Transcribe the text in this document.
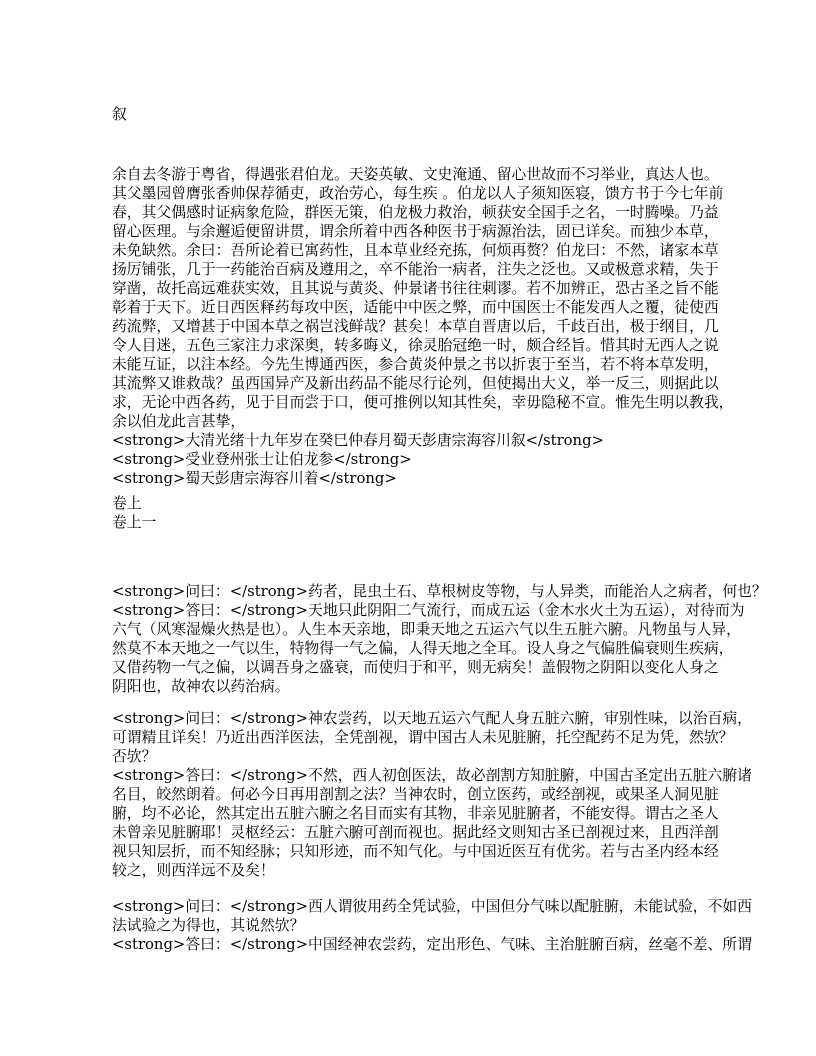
叙
余自去冬游于粤省，得遇张君伯龙。天姿英敏、文史淹通、留心世故而不习举业，真达人也。
其父墨园曾膺张香帅保荐循吏，政治劳心，每生疾 。伯龙以人子须知医寝，馈方书于今七年前
春，其父偶感时证病象危险，群医无策，伯龙极力救治，顿获安全国手之名，一时腾噪。乃益
留心医理。与余邂逅便留讲贯，谓余所着中西各种医书于病源治法，固已详矣。而独少本草，
未免缺然。余曰：吾所论着已寓药性，且本草业经充拣，何烦再赘？伯龙曰：不然，诸家本草
扬厉铺张，几于一药能治百病及遵用之，卒不能治一病者，注失之泛也。又或极意求精，失于
穿凿，故托高远难获实效，且其说与黄炎、仲景诸书往往刺谬。若不加辨正，恐古圣之旨不能
彰着于天下。近日西医释药每攻中医，适能中中医之弊，而中国医士不能发西人之覆，徒使西
药流弊，又增甚于中国本草之祸岂浅鲜哉？甚矣！本草自晋唐以后，千歧百出，极于纲目，几
令人目迷，五色三家注力求深奥，转多晦义，徐灵胎冠绝一时，颇合经旨。惜其时无西人之说
未能互证，以注本经。今先生博通西医，参合黄炎仲景之书以折衷于至当，若不将本草发明，
其流弊又谁救哉？虽西国异产及新出药品不能尽行论列，但使揭出大义，举一反三，则据此以
求，无论中西各药，见于目而尝于口，便可推例以知其性矣，幸毋隐秘不宣。惟先生明以教我，
余以伯龙此言甚挚，
<strong>大清光绪十九年岁在癸巳仲春月蜀天彭唐宗海容川叙</strong>
<strong>受业登州张士让伯龙参</strong>
<strong>蜀天彭唐宗海容川着</strong>
卷上
卷上一
<strong>问曰：</strong>药者，昆虫土石、草根树皮等物，与人异类，而能治人之病者，何也？
<strong>答曰：</strong>天地只此阴阳二气流行，而成五运（金木水火土为五运），对待而为
六气（风寒湿燥火热是也）。人生本天亲地，即秉天地之五运六气以生五脏六腑。凡物虽与人异，
然莫不本天地之一气以生，特物得一气之偏，人得天地之全耳。设人身之气偏胜偏衰则生疾病，
又借药物一气之偏，以调吾身之盛衰，而使归于和平，则无病矣！盖假物之阴阳以变化人身之
阴阳也，故神农以药治病。
<strong>问曰：</strong>神农尝药，以天地五运六气配人身五脏六腑，审别性味，以治百病，
可谓精且详矣！乃近出西洋医法，全凭剖视，谓中国古人未见脏腑，托空配药不足为凭，然欤？
否欤？
<strong>答曰：</strong>不然，西人初创医法，故必剖割方知脏腑，中国古圣定出五脏六腑诸
名目，皎然朗着。何必今日再用剖割之法？当神农时，创立医药，或经剖视，或果圣人洞见脏
腑，均不必论，然其定出五脏六腑之名目而实有其物，非亲见脏腑者，不能安得。谓古之圣人
未曾亲见脏腑耶！灵枢经云：五脏六腑可剖而视也。据此经文则知古圣已剖视过来，且西洋剖
视只知层折，而不知经脉；只知形迹，而不知气化。与中国近医互有优劣。若与古圣内经本经
较之，则西洋远不及矣！
<strong>问曰：</strong>西人谓彼用药全凭试验，中国但分气味以配脏腑，未能试验，不如西
法试验之为得也，其说然欤？
<strong>答曰：</strong>中国经神农尝药，定出形色、气味、主治脏腑百病，丝毫不差、所谓
